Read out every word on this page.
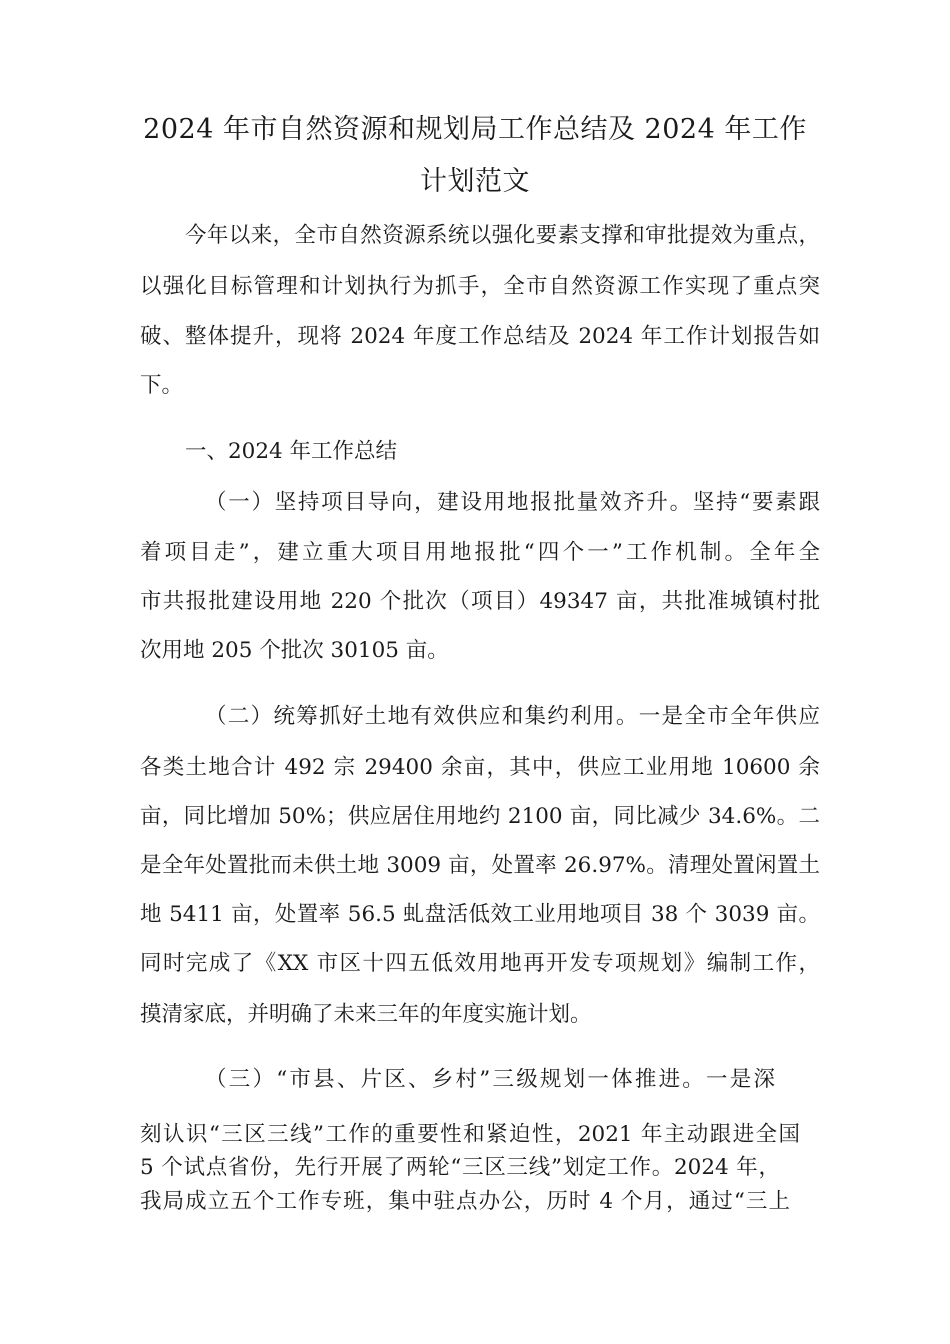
2024 年市自然资源和规划局工作总结及 2024 年工作
计划范文
今年以来，全市自然资源系统以强化要素支撑和审批提效为重点，
以强化目标管理和计划执行为抓手，全市自然资源工作实现了重点突
破、整体提升，现将 2024 年度工作总结及 2024 年工作计划报告如
下。
一、2024 年工作总结
（一）坚持项目导向，建设用地报批量效齐升。坚持“要素跟
着项目走”，建立重大项目用地报批“四个一”工作机制。全年全
市共报批建设用地 220 个批次（项目）49347 亩，共批准城镇村批
次用地 205 个批次 30105 亩。
（二）统筹抓好土地有效供应和集约利用。一是全市全年供应
各类土地合计 492 宗 29400 余亩，其中，供应工业用地 10600 余
亩，同比增加 50%；供应居住用地约 2100 亩，同比减少 34.6%。二
是全年处置批而未供土地 3009 亩，处置率 26.97%。清理处置闲置土
地 5411 亩，处置率 56.5 虬盘活低效工业用地项目 38 个 3039 亩。
同时完成了《XX 市区十四五低效用地再开发专项规划》编制工作，
摸清家底，并明确了未来三年的年度实施计划。
（三）“市县、片区、乡村”三级规划一体推进。一是深
刻认识“三区三线”工作的重要性和紧迫性，2021 年主动跟进全国
5 个试点省份，先行开展了两轮“三区三线”划定工作。2024 年，
我局成立五个工作专班，集中驻点办公，历时 4 个月，通过“三上
